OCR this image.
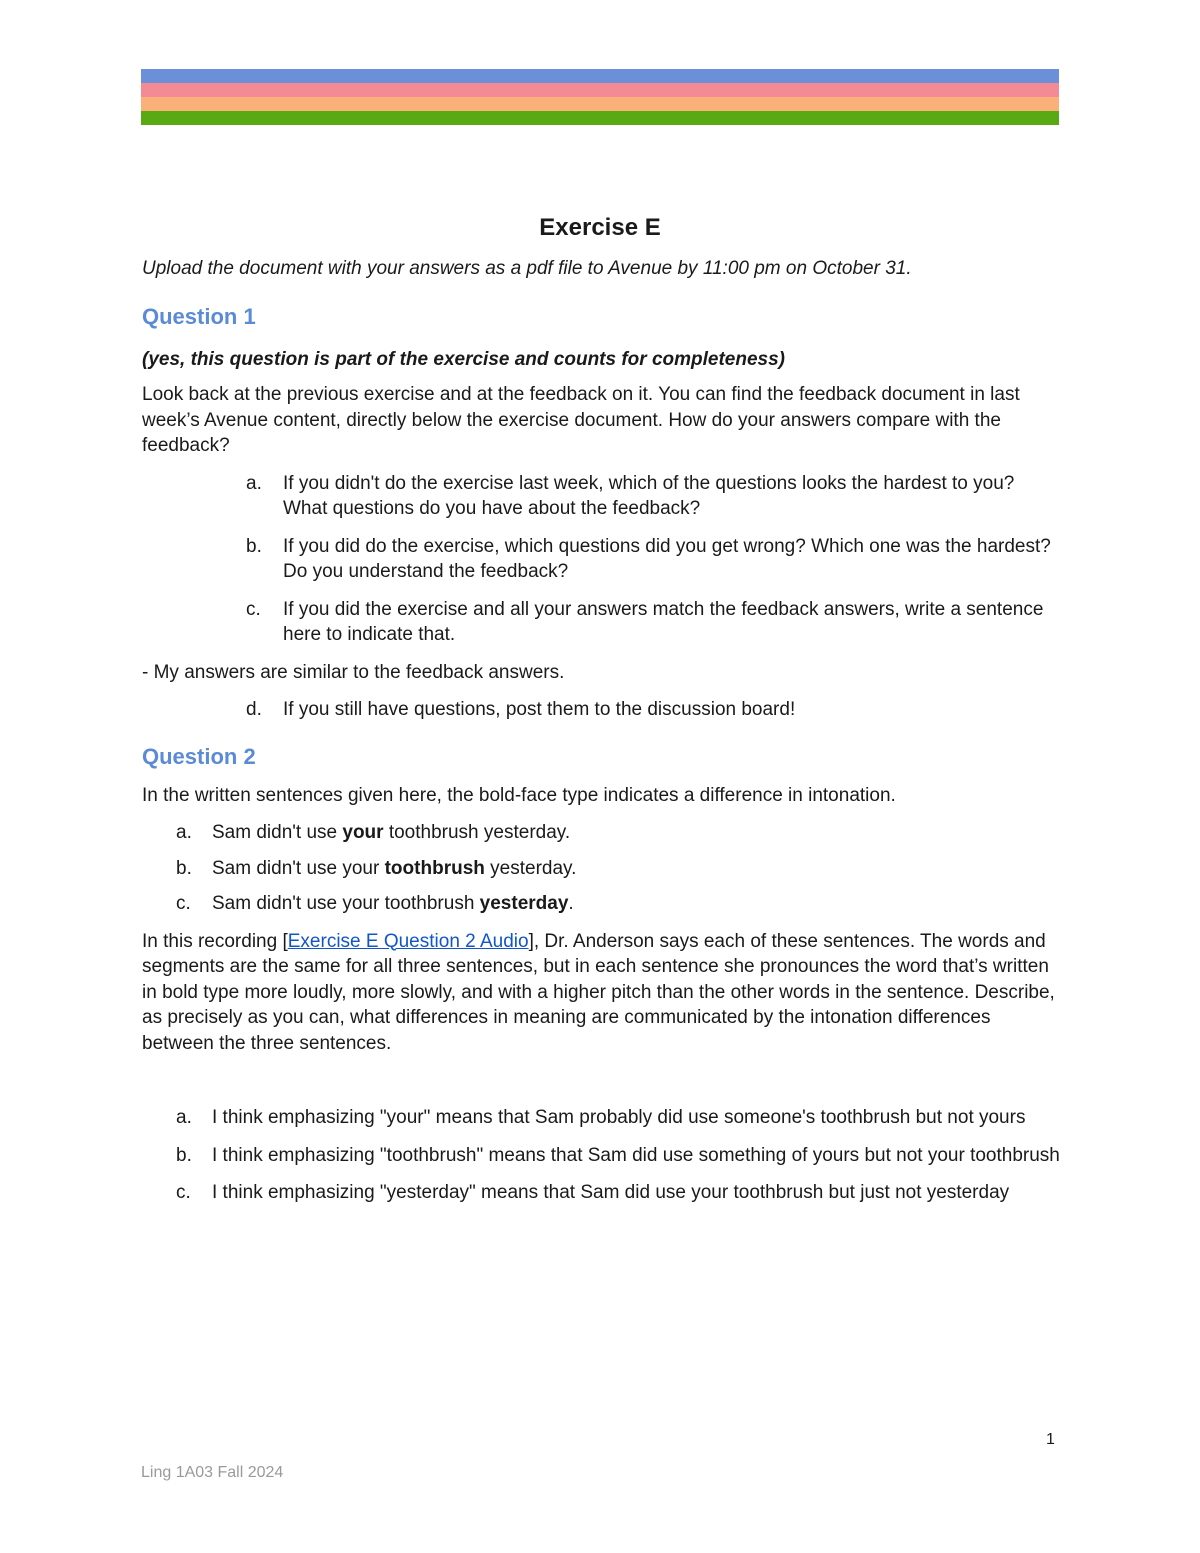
Exercise E

Upload the document with your answers as a pdf file to Avenue by 11:00 pm on October 31.

Question 1

(yes, this question is part of the exercise and counts for completeness)

Look back at the previous exercise and at the feedback on it. You can find the feedback document in last week’s Avenue content, directly below the exercise document. How do your answers compare with the feedback?

a. If you didn't do the exercise last week, which of the questions looks the hardest to you? What questions do you have about the feedback?
b. If you did do the exercise, which questions did you get wrong? Which one was the hardest? Do you understand the feedback?
c. If you did the exercise and all your answers match the feedback answers, write a sentence here to indicate that.

- My answers are similar to the feedback answers.

d. If you still have questions, post them to the discussion board!
Question 2

In the written sentences given here, the bold-face type indicates a difference in intonation.

a. Sam didn't use your toothbrush yesterday.
b. Sam didn't use your toothbrush yesterday.
c. Sam didn't use your toothbrush yesterday.

In this recording [Exercise E Question 2 Audio], Dr. Anderson says each of these sentences. The words and segments are the same for all three sentences, but in each sentence she pronounces the word that’s written in bold type more loudly, more slowly, and with a higher pitch than the other words in the sentence. Describe, as precisely as you can, what differences in meaning are communicated by the intonation differences between the three sentences.

a. I think emphasizing "your" means that Sam probably did use someone's toothbrush but not yours
b. I think emphasizing "toothbrush" means that Sam did use something of yours but not your toothbrush
c. I think emphasizing "yesterday" means that Sam did use your toothbrush but just not yesterday
1
Ling 1A03 Fall 2024
